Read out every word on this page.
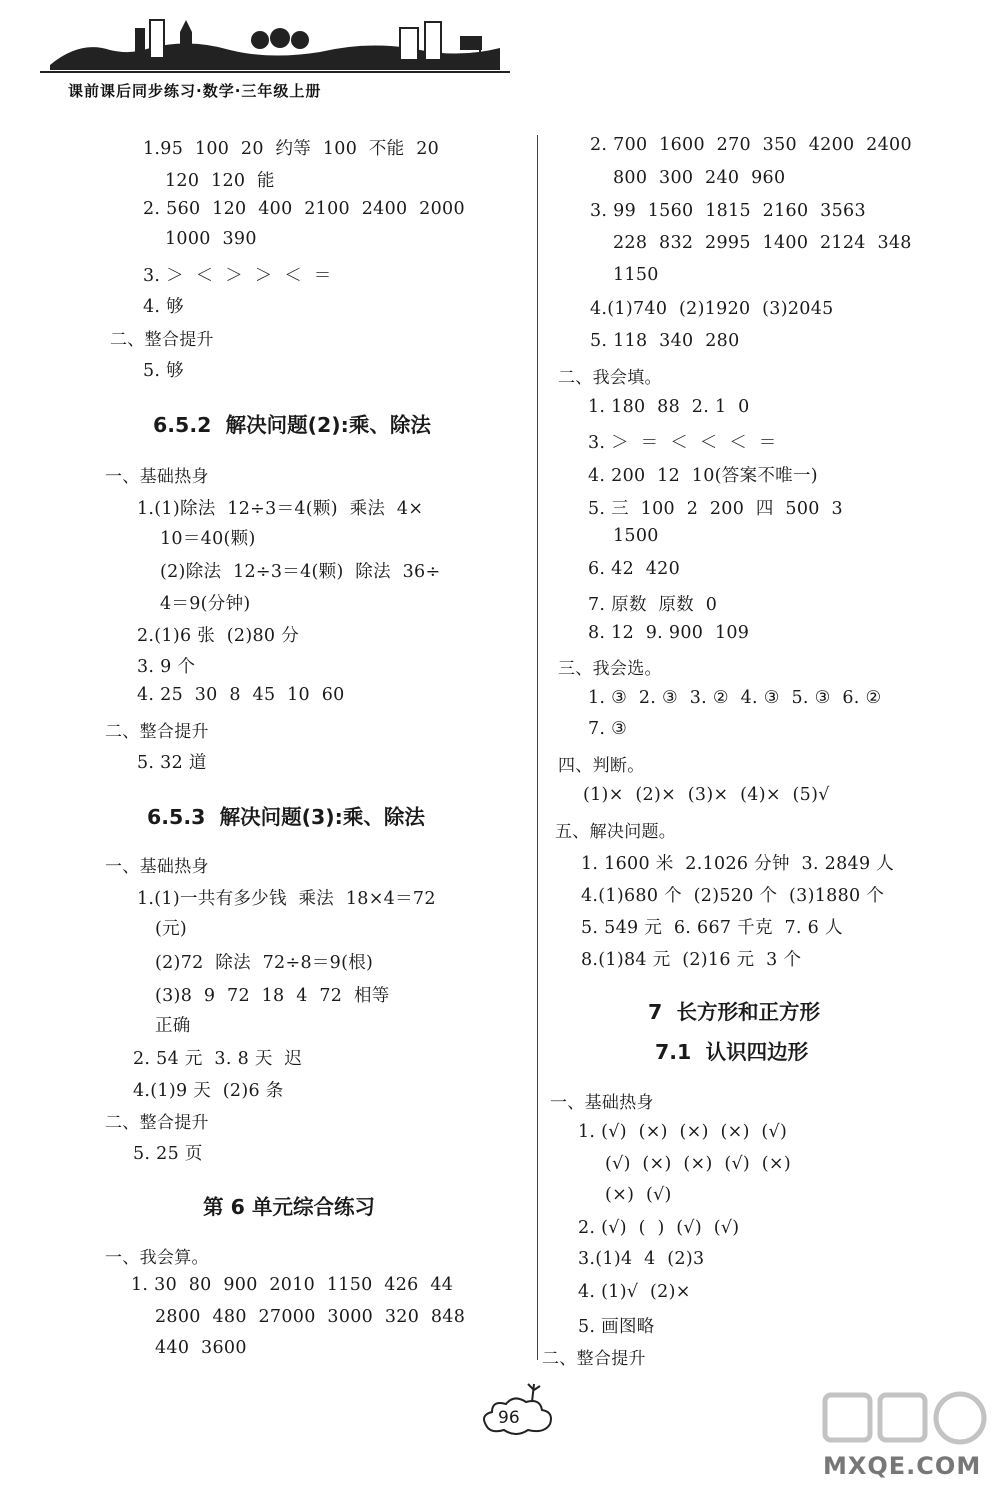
课前课后同步练习·数学·三年级上册
1.95  100  20  约等  100  不能  20
120  120  能
2. 560  120  400  2100  2400  2000
1000  390
3. ＞  ＜  ＞  ＞  ＜  ＝
4. 够
二、整合提升
5. 够
6.5.2  解决问题(2):乘、除法
一、基础热身
1.(1)除法  12÷3＝4(颗)  乘法  4×
10＝40(颗)
(2)除法  12÷3＝4(颗)  除法  36÷
4＝9(分钟)
2.(1)6 张  (2)80 分
3. 9 个
4. 25  30  8  45  10  60
二、整合提升
5. 32 道
6.5.3  解决问题(3):乘、除法
一、基础热身
1.(1)一共有多少钱  乘法  18×4＝72
(元)
(2)72  除法  72÷8＝9(根)
(3)8  9  72  18  4  72  相等
正确
2. 54 元  3. 8 天  迟
4.(1)9 天  (2)6 条
二、整合提升
5. 25 页
第 6 单元综合练习
一、我会算。
1. 30  80  900  2010  1150  426  44
2800  480  27000  3000  320  848
440  3600
2. 700  1600  270  350  4200  2400
800  300  240  960
3. 99  1560  1815  2160  3563
228  832  2995  1400  2124  348
1150
4.(1)740  (2)1920  (3)2045
5. 118  340  280
二、我会填。
1. 180  88  2. 1  0
3. ＞  ＝  ＜  ＜  ＜  ＝
4. 200  12  10(答案不唯一)
5. 三  100  2  200  四  500  3
1500
6. 42  420
7. 原数  原数  0
8. 12  9. 900  109
三、我会选。
1. ③  2. ③  3. ②  4. ③  5. ③  6. ②
7. ③
四、判断。
(1)×  (2)×  (3)×  (4)×  (5)√
五、解决问题。
1. 1600 米  2.1026 分钟  3. 2849 人
4.(1)680 个  (2)520 个  (3)1880 个
5. 549 元  6. 667 千克  7. 6 人
8.(1)84 元  (2)16 元  3 个
7  长方形和正方形
7.1  认识四边形
一、基础热身
1. (√)  (×)  (×)  (×)  (√)
(√)  (×)  (×)  (√)  (×)
(×)  (√)
2. (√)  (  )  (√)  (√)
3.(1)4  4  (2)3
4. (1)√  (2)×
5. 画图略
二、整合提升
96
MXQE.COM
